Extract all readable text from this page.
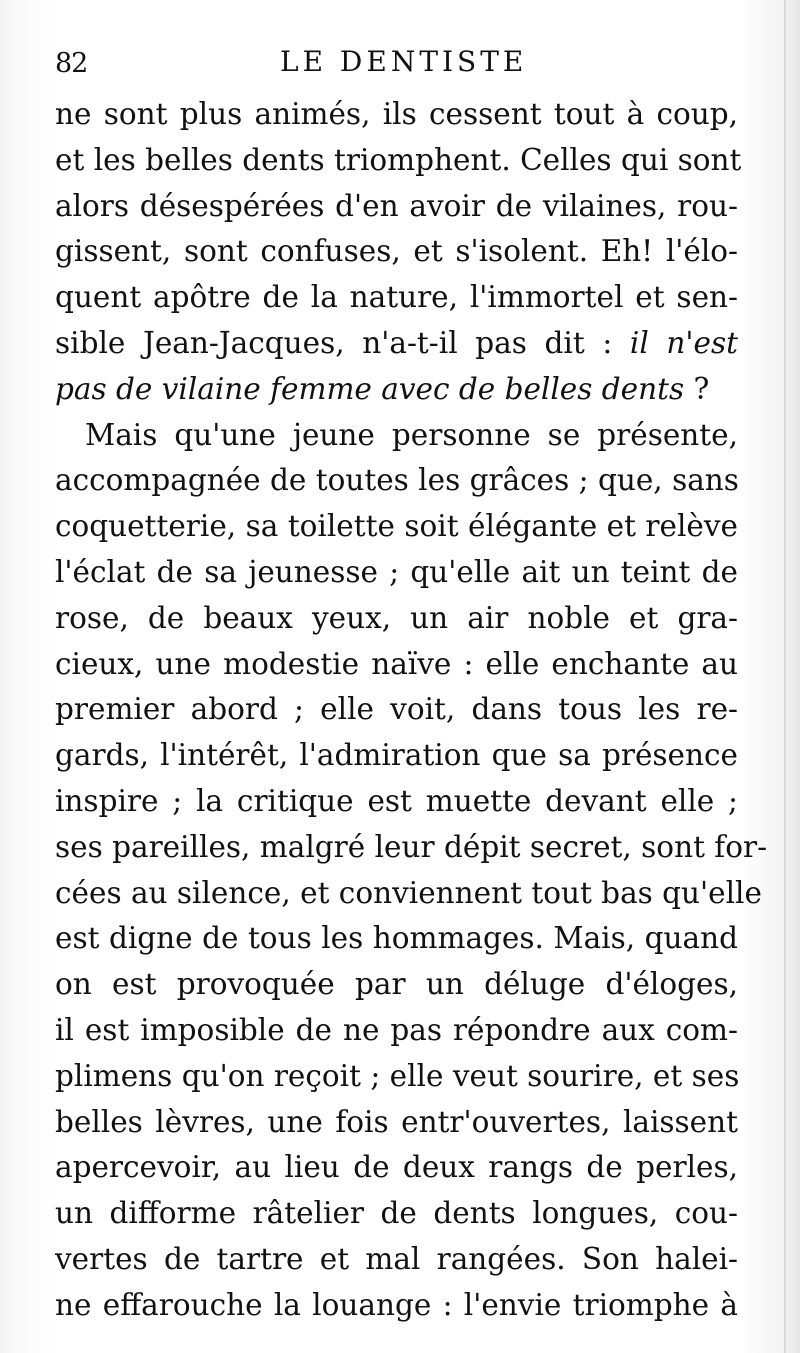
82	LE DENTISTE
ne sont plus animés, ils cessent tout à coup,
et les belles dents triomphent. Celles qui sont
alors désespérées d'en avoir de vilaines, rou-
gissent, sont confuses, et s'isolent. Eh! l'élo-
quent apôtre de la nature, l'immortel et sen-
sible Jean-Jacques, n'a-t-il pas dit : il n'est
pas de vilaine femme avec de belles dents ?
Mais qu'une jeune personne se présente,
accompagnée de toutes les grâces ; que, sans
coquetterie, sa toilette soit élégante et relève
l'éclat de sa jeunesse ; qu'elle ait un teint de
rose, de beaux yeux, un air noble et gra-
cieux, une modestie naïve : elle enchante au
premier abord ; elle voit, dans tous les re-
gards, l'intérêt, l'admiration que sa présence
inspire ; la critique est muette devant elle ;
ses pareilles, malgré leur dépit secret, sont for-
cées au silence, et conviennent tout bas qu'elle
est digne de tous les hommages. Mais, quand
on est provoquée par un déluge d'éloges,
il est imposible de ne pas répondre aux com-
plimens qu'on reçoit ; elle veut sourire, et ses
belles lèvres, une fois entr'ouvertes, laissent
apercevoir, au lieu de deux rangs de perles,
un difforme râtelier de dents longues, cou-
vertes de tartre et mal rangées. Son halei-
ne effarouche la louange : l'envie triomphe à
